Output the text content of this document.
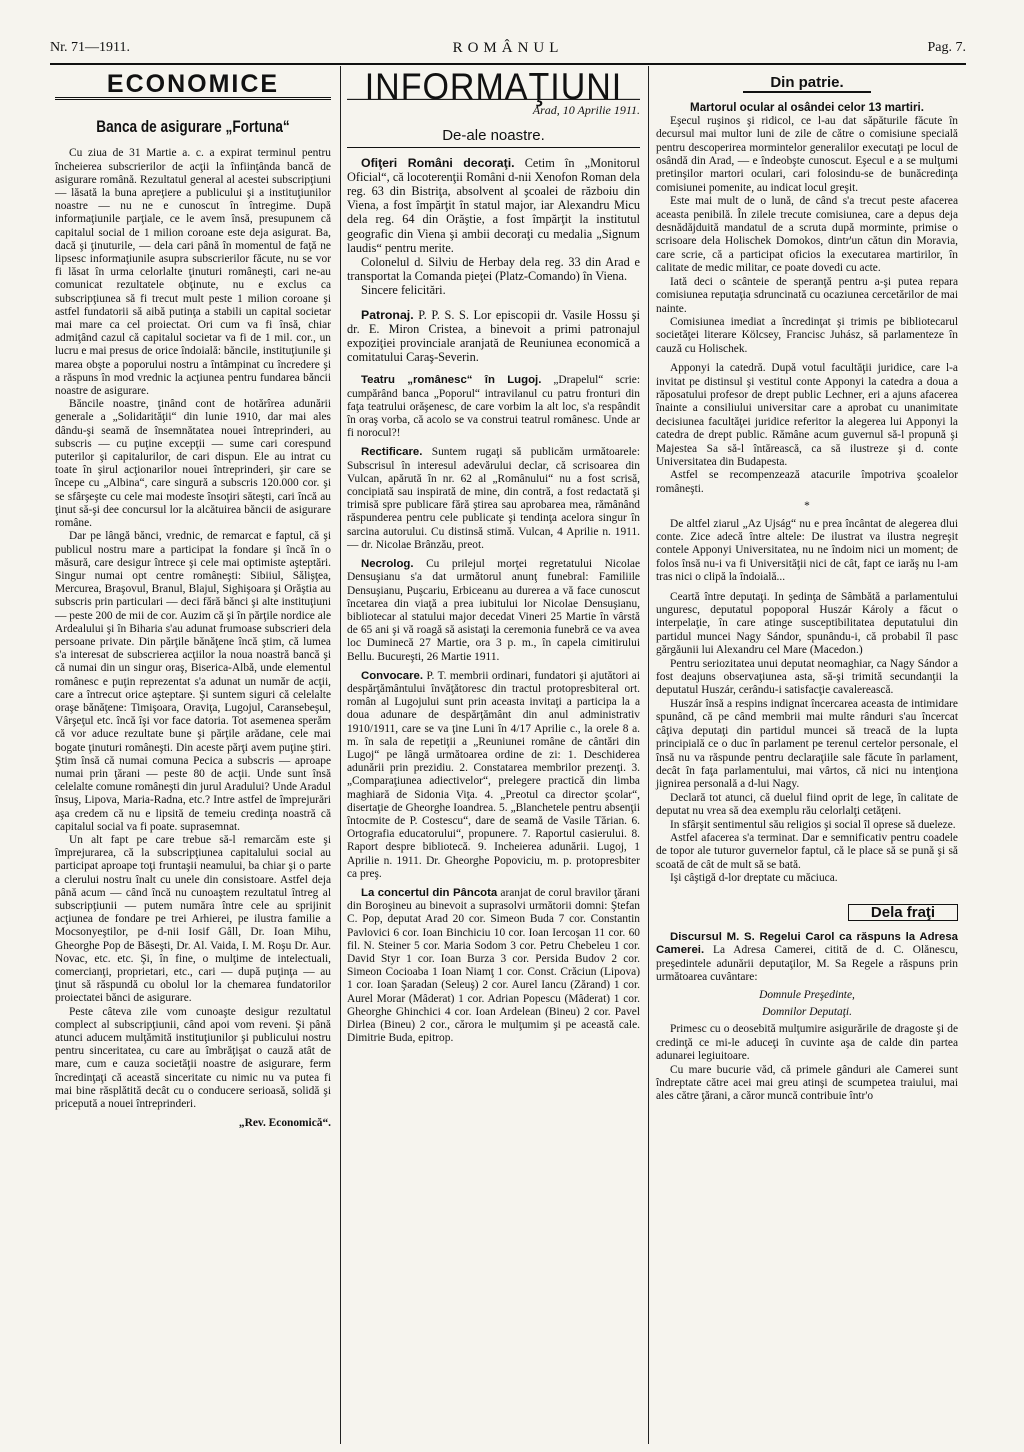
Nr. 71—1911.	ROMÂNUL	Pag. 7.
ECONOMICE
Banca de asigurare „Fortuna“

Cu ziua de 31 Martie a. c. a expirat terminul pentru încheierea subscrierilor de acţii la înfiinţânda bancă de asigurare română. Rezultatul general al acestei subscripţiuni — lăsată la buna apreţiere a publicului şi a instituţiunilor noastre — nu ne e cunoscut în întregime. După informaţiunile parţiale, ce le avem însă, presupunem că capitalul social de 1 milion coroane este deja asigurat. Ba, dacă şi ţinuturile, — dela cari până în momentul de faţă ne lipsesc informaţiunile asupra subscrierilor făcute, nu se vor fi lăsat în urma celorlalte ţinuturi româneşti, cari ne-au comunicat rezultatele obţinute, nu e exclus ca subscripţiunea să fi trecut mult peste 1 milion coroane şi astfel fundatorii să aibă putinţa a stabili un capital societar mai mare ca cel proiectat. Ori cum va fi însă, chiar admiţând cazul că capitalul societar va fi de 1 mil. cor., un lucru e mai presus de orice îndoială: băncile, instituţiunile şi marea obşte a poporului nostru a întâmpinat cu încredere şi a răspuns în mod vrednic la acţiunea pentru fundarea băncii noastre de asigurare.

Băncile noastre, ţinând cont de hotărîrea adunării generale a „Solidarităţii“ din lunie 1910, dar mai ales dându-şi seamă de însemnătatea nouei întreprinderi, au subscris — cu puţine excepţii — sume cari corespund puterilor şi capitalurilor, de cari dispun. Ele au intrat cu toate în şirul acţionarilor nouei întreprinderi, şir care se începe cu „Albina“, care singură a subscris 120.000 cor. şi se sfârşeşte cu cele mai modeste însoţiri săteşti, cari încă au ţinut să-şi dee concursul lor la alcătuirea băncii de asigurare române.

Dar pe lângă bănci, vrednic, de remarcat e faptul, că şi publicul nostru mare a participat la fondare şi încă în o măsură, care desigur întrece şi cele mai optimiste aşteptări. Singur numai opt centre româneşti: Sibiiul, Sălişţea, Mercurea, Braşovul, Branul, Blajul, Sighişoara şi Orăştia au subscris prin particulari — deci fără bănci şi alte instituţiuni — peste 200 de mii de cor. Auzim că şi în părţile nordice ale Ardealului şi în Biharia s'au adunat frumoase subscrieri dela persoane private. Din părţile bănăţene încă ştim, că lumea s'a interesat de subscrierea acţiilor la noua noastră bancă şi că numai din un singur oraş, Biserica-Albă, unde elementul românesc e puţin reprezentat s'a adunat un număr de acţii, care a întrecut orice aşteptare. Şi suntem siguri că celelalte oraşe bănăţene: Timişoara, Oraviţa, Lugojul, Caransebeşul, Vârşeţul etc. încă îşi vor face datoria. Tot asemenea sperăm că vor aduce rezultate bune şi părţile arădane, cele mai bogate ţinuturi româneşti. Din aceste părţi avem puţine ştiri. Ştim însă că numai comuna Pecica a subscris — aproape numai prin ţărani — peste 80 de acţii. Unde sunt însă celelalte comune româneşti din jurul Aradului? Unde Aradul însuş, Lipova, Maria-Radna, etc.? Intre astfel de împrejurări aşa credem că nu e lipsită de temeiu credinţa noastră că capitalul social va fi poate. suprasemnat.

Un alt fapt pe care trebue să-l remarcăm este şi împrejurarea, că la subscripţiunea capitalului social au participat aproape toţi fruntaşii neamului, ba chiar şi o parte a clerului nostru înalt cu unele din consistoare. Astfel deja până acum — când încă nu cunoaştem rezultatul întreg al subscripţiunii — putem număra între cele au sprijinit acţiunea de fondare pe trei Arhierei, pe ilustra familie a Mocsonyeştilor, pe d-nii Iosif Gâll, Dr. Ioan Mihu, Gheorghe Pop de Băseşti, Dr. Al. Vaida, I. M. Roşu Dr. Aur. Novac, etc. etc. Şi, în fine, o mulţime de intelectuali, comercianţi, proprietari, etc., cari — după puţinţa — au ţinut să răspundă cu obolul lor la chemarea fundatorilor proiectatei bănci de asigurare.

Peste câteva zile vom cunoaşte desigur rezultatul complect al subscripţiunii, când apoi vom reveni. Şi până atunci aducem mulţămită instituţiunilor şi publicului nostru pentru sinceritatea, cu care au îmbrăţişat o cauză atât de mare, cum e cauza societăţii noastre de asigurare, ferm încredinţaţi că această sinceritate cu nimic nu va putea fi mai bine răsplătită decât cu o conducere serioasă, solidă şi pricepută a nouei întreprinderi.

„Rev. Economică“.
INFORMAŢIUNI
Arad, 10 Aprilie 1911.
De-ale noastre.

Ofiţeri Români decoraţi. Cetim în „Monitorul Oficial“, că locoterenţii Români d-nii Xenofon Roman dela reg. 63 din Bistriţa, absolvent al şcoalei de războiu din Viena, a fost împărţit în statul major, iar Alexandru Micu dela reg. 64 din Orăştie, a fost împărţit la institutul geografic din Viena şi ambii decoraţi cu medalia „Signum laudis“ pentru merite.

Colonelul d. Silviu de Herbay dela reg. 33 din Arad e transportat la Comanda pieţei (Platz-Comando) în Viena.

Sincere felicitări.

Patronaj. P. P. S. S. Lor episcopii dr. Vasile Hossu şi dr. E. Miron Cristea, a binevoit a primi patronajul expoziţiei provinciale aranjată de Reuniunea economică a comitatului Caraş-Severin.

Teatru „românesc“ în Lugoj. „Drapelul“ scrie: cumpărând banca „Poporul“ intravilanul cu patru fronturi din faţa teatrului orăşenesc, de care vorbim la alt loc, s'a respândit în oraş vorba, că acolo se va construi teatrul românesc. Unde ar fi norocul?!

Rectificare. Suntem rugaţi să publicăm următoarele: Subscrisul în interesul adevărului declar, că scrisoarea din Vulcan, apărută în nr. 62 al „Românului“ nu a fost scrisă, concipiată sau inspirată de mine, din contră, a fost redactată şi trimisă spre publicare fără ştirea sau aprobarea mea, rămânând răspunderea pentru cele publicate şi tendinţa acelora singur în sarcina autorului. Cu distinsă stimă. Vulcan, 4 Aprilie n. 1911. — dr. Nicolae Brânzău, preot.

Necrolog. Cu prilejul morţei regretatului Nicolae Densuşianu s'a dat următorul anunţ funebral: Familiile Densuşianu, Puşcariu, Erbiceanu au durerea a vă face cunoscut încetarea din viaţă a prea iubitului lor Nicolae Densuşianu, bibliotecar al statului major decedat Vineri 25 Martie în vârstă de 65 ani şi vă roagă să asistaţi la ceremonia funebră ce va avea loc Duminecă 27 Martie, ora 3 p. m., în capela cimitirului Bellu. Bucureşti, 26 Martie 1911.

Convocare. P. T. membrii ordinari, fundatori şi ajutători ai despărţământului învăţătoresc din tractul protopresbiteral ort. român al Lugojului sunt prin aceasta invitaţi a participa la a doua adunare de despărţământ din anul administrativ 1910/1911, care se va ţine Luni în 4/17 Aprilie c., la orele 8 a. m. în sala de repetiţii a „Reuniunei române de cântări din Lugoj“ pe lângă următoarea ordine de zi: 1. Deschiderea adunării prin prezidiu. 2. Constatarea membrilor prezenţi. 3. „Comparaţiunea adiectivelor“, prelegere practică din limba maghiară de Sidonia Viţa. 4. „Preotul ca director şcolar“, disertaţie de Gheorghe Ioandrea. 5. „Blanchetele pentru absenţii întocmite de P. Costescu“, dare de seamă de Vasile Tărian. 6. Ortografia educatorului“, propunere. 7. Raportul casierului. 8. Raport despre bibliotecă. 9. Incheierea adunării. Lugoj, 1 Aprilie n. 1911. Dr. Gheorghe Popoviciu, m. p. protopresbiter ca preş.

La concertul din Pâncota aranjat de corul bravilor ţărani din Boroşineu au binevoit a suprasolvi următorii domni: Ştefan C. Pop, deputat Arad 20 cor. Simeon Buda 7 cor. Constantin Pavlovici 6 cor. Ioan Binchiciu 10 cor. Ioan Iercoşan 11 cor. 60 fil. N. Steiner 5 cor. Maria Sodom 3 cor. Petru Chebeleu 1 cor. David Styr 1 cor. Ioan Burza 3 cor. Persida Budov 2 cor. Simeon Cocioaba 1 Ioan Niamţ 1 cor. Const. Crăciun (Lipova) 1 cor. Ioan Şaradan (Seleuş) 2 cor. Aurel Iancu (Zărand) 1 cor. Aurel Morar (Mâderat) 1 cor. Adrian Popescu (Mâderat) 1 cor. Gheorghe Ghinchici 4 cor. Ioan Ardelean (Bineu) 2 cor. Pavel Dirlea (Bineu) 2 cor., cărora le mulţumim şi pe această cale. Dimitrie Buda, epitrop.

Din patrie.
Martorul ocular al osândei celor 13 martiri.

Eşecul ruşinos şi ridicol, ce l-au dat săpăturile făcute în decursul mai multor luni de zile de către o comisiune specială pentru descoperirea mormintelor generalilor executaţi pe locul de osândă din Arad, — e îndeobşte cunoscut. Eşecul e a se mulţumi pretinşilor martori oculari, cari folosindu-se de bunăcredinţa comisiunei pomenite, au indicat locul greşit.

Este mai mult de o lună, de când s'a trecut peste afacerea aceasta penibilă. În zilele trecute comisiunea, care a depus deja desnădăjduită mandatul de a scruta după morminte, primise o scrisoare dela Holischek Domokos, dintr'un cătun din Moravia, care scrie, că a participat oficios la executarea martirilor, în calitate de medic militar, ce poate dovedi cu acte.

Iată deci o scânteie de speranţă pentru a-şi putea repara comisiunea reputaţia sdruncinată cu ocaziunea cercetărilor de mai nainte.

Comisiunea imediat a încredinţat şi trimis pe bibliotecarul societăţei literare Kölcsey, Francisc Juhász, să parlamenteze în cauză cu Holischek.

Apponyi la catedră. După votul facultăţii juridice, care l-a invitat pe distinsul şi vestitul conte Apponyi la catedra a doua a răposatului profesor de drept public Lechner, eri a ajuns afacerea înainte a consiliului universitar care a aprobat cu unanimitate decisiunea facultăţei juridice referitor la alegerea lui Apponyi la catedra de drept public. Rămâne acum guvernul să-l propună şi Majestea Sa să-l întărească, ca să ilustreze şi d. conte Universitatea din Budapesta.

Astfel se recompenzează atacurile împotriva şcoalelor româneşti.

*

De altfel ziarul „Az Ujság“ nu e prea încântat de alegerea dlui conte. Zice adecă între altele: De ilustrat va ilustra negreşit contele Apponyi Universitatea, nu ne îndoim nici un moment; de folos însă nu-i va fi Universităţii nici de cât, fapt ce iarăş nu l-am tras nici o clipă la îndoială...

Ceartă între deputaţi. In şedinţa de Sâmbătă a parlamentului unguresc, deputatul popoporal Huszár Károly a făcut o interpelaţie, în care atinge susceptibilitatea deputatului din partidul muncei Nagy Sándor, spunându-i, că probabil îl pasc gărgăunii lui Alexandru cel Mare (Macedon.)

Pentru seriozitatea unui deputat neomaghiar, ca Nagy Sándor a fost deajuns observaţiunea asta, să-şi trimită secundanţii la deputatul Huszár, cerându-i satisfacţie cavalerească.

Huszár însă a respins indignat încercarea aceasta de intimidare spunând, că pe când membrii mai multe rânduri s'au încercat câţiva deputaţi din partidul muncei să treacă de la lupta principială ce o duc în parlament pe terenul certelor personale, el însă nu va răspunde pentru declaraţiile sale făcute în parlament, decât în faţa parlamentului, mai vârtos, că nici nu intenţiona jignirea personală a d-lui Nagy.

Declară tot atunci, că duelul fiind oprit de lege, în calitate de deputat nu vrea să dea exemplu rău celorlalţi cetăţeni.

In sfârşit sentimentul său religios şi social îl oprese să dueleze.

Astfel afacerea s'a terminat. Dar e semnificativ pentru coadele de topor ale tuturor guvernelor faptul, că le place să se pună şi să scoată de cât de mult să se bată.

Işi câştigă d-lor dreptate cu măciuca.

Dela fraţi

Discursul M. S. Regelui Carol ca răspuns la Adresa Camerei. La Adresa Camerei, citită de d. C. Olănescu, preşedintele adunării deputaţilor, M. Sa Regele a răspuns prin următoarea cuvântare:

Domnule Preşedinte,
Domnilor Deputaţi.

Primesc cu o deosebită mulţumire asigurările de dragoste şi de credinţă ce mi-le aduceţi în cuvinte aşa de calde din partea adunarei legiuitoare.

Cu mare bucurie văd, că primele gânduri ale Camerei sunt îndreptate către acei mai greu atinşi de scumpetea traiului, mai ales către ţărani, a căror muncă contribuie într'o
